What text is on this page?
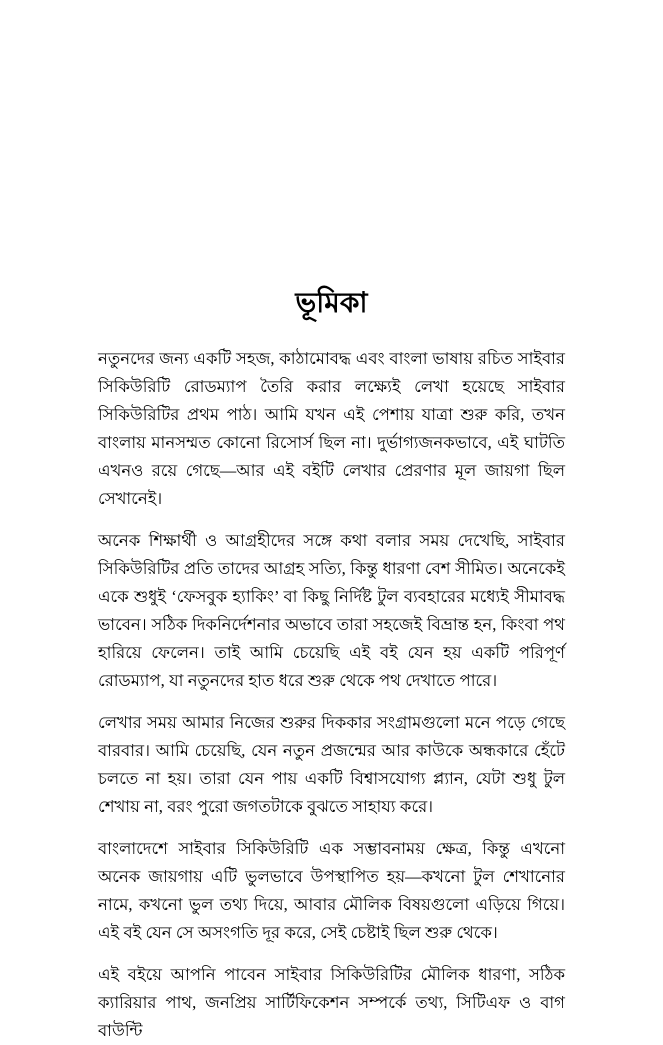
ভূমিকা

নতুনদের জন্য একটি সহজ, কাঠামোবদ্ধ এবং বাংলা ভাষায় রচিত সাইবার সিকিউরিটি রোডম্যাপ তৈরি করার লক্ষ্যেই লেখা হয়েছে সাইবার সিকিউরিটির প্রথম পাঠ। আমি যখন এই পেশায় যাত্রা শুরু করি, তখন বাংলায় মানসম্মত কোনো রিসোর্স ছিল না। দুর্ভাগ্যজনকভাবে, এই ঘাটতি এখনও রয়ে গেছে—আর এই বইটি লেখার প্রেরণার মূল জায়গা ছিল সেখানেই।

অনেক শিক্ষার্থী ও আগ্রহীদের সঙ্গে কথা বলার সময় দেখেছি, সাইবার সিকিউরিটির প্রতি তাদের আগ্রহ সত্যি, কিন্তু ধারণা বেশ সীমিত। অনেকেই একে শুধুই ‘ফেসবুক হ্যাকিং’ বা কিছু নির্দিষ্ট টুল ব্যবহারের মধ্যেই সীমাবদ্ধ ভাবেন। সঠিক দিকনির্দেশনার অভাবে তারা সহজেই বিভ্রান্ত হন, কিংবা পথ হারিয়ে ফেলেন। তাই আমি চেয়েছি এই বই যেন হয় একটি পরিপূর্ণ রোডম্যাপ, যা নতুনদের হাত ধরে শুরু থেকে পথ দেখাতে পারে।

লেখার সময় আমার নিজের শুরুর দিককার সংগ্রামগুলো মনে পড়ে গেছে বারবার। আমি চেয়েছি, যেন নতুন প্রজন্মের আর কাউকে অন্ধকারে হেঁটে চলতে না হয়। তারা যেন পায় একটি বিশ্বাসযোগ্য প্ল্যান, যেটা শুধু টুল শেখায় না, বরং পুরো জগতটাকে বুঝতে সাহায্য করে।

বাংলাদেশে সাইবার সিকিউরিটি এক সম্ভাবনাময় ক্ষেত্র, কিন্তু এখনো অনেক জায়গায় এটি ভুলভাবে উপস্থাপিত হয়—কখনো টুল শেখানোর নামে, কখনো ভুল তথ্য দিয়ে, আবার মৌলিক বিষয়গুলো এড়িয়ে গিয়ে। এই বই যেন সে অসংগতি দূর করে, সেই চেষ্টাই ছিল শুরু থেকে।

এই বইয়ে আপনি পাবেন সাইবার সিকিউরিটির মৌলিক ধারণা, সঠিক ক্যারিয়ার পাথ, জনপ্রিয় সার্টিফিকেশন সম্পর্কে তথ্য, সিটিএফ ও বাগ বাউন্টি
